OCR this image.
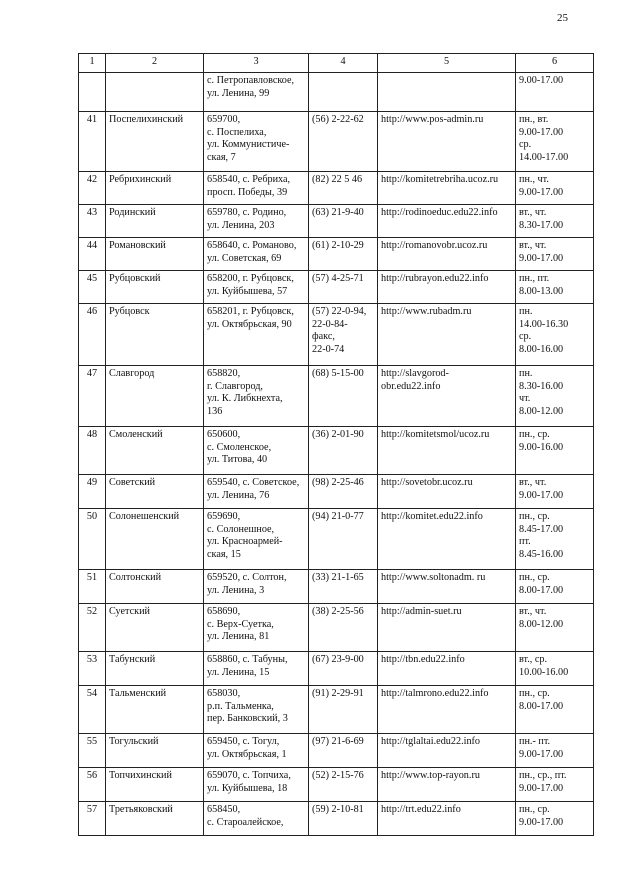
25
1	2	3	4	5	6
		с. Петропавловское,
ул. Ленина, 99			9.00-17.00
41	Поспелихинский	659700,
с. Поспелиха,
ул. Коммунистиче-
ская, 7	(56) 2-22-62	http://www.pos-admin.ru	пн., вт.
9.00-17.00
ср.
14.00-17.00
42	Ребрихинский	658540, с. Ребриха,
просп. Победы, 39	(82) 22 5 46	http://komitetrebriha.ucoz.ru	пн., чт.
9.00-17.00
43	Родинский	659780, с. Родино,
ул. Ленина, 203	(63) 21-9-40	http://rodinoeduc.edu22.info	вт., чт.
8.30-17.00
44	Романовский	658640, с. Романово,
ул. Советская, 69	(61) 2-10-29	http://romanovobr.ucoz.ru	вт., чт.
9.00-17.00
45	Рубцовский	658200, г. Рубцовск,
ул. Куйбышева, 57	(57) 4-25-71	http://rubrayon.edu22.info	пн., пт.
8.00-13.00
46	Рубцовск	658201, г. Рубцовск,
ул. Октябрьская, 90	(57) 22-0-94,
22-0-84-
факс,
22-0-74	http://www.rubadm.ru	пн.
14.00-16.30
ср.
8.00-16.00
47	Славгород	658820,
г. Славгород,
ул. К. Либкнехта,
136	(68) 5-15-00	http://slavgorod-
obr.edu22.info	пн.
8.30-16.00
чт.
8.00-12.00
48	Смоленский	650600,
с. Смоленское,
ул. Титова, 40	(36) 2-01-90	http://komitetsmol/ucoz.ru	пн., ср.
9.00-16.00
49	Советский	659540, с. Советское,
ул. Ленина, 76	(98) 2-25-46	http://sovetobr.ucoz.ru	вт., чт.
9.00-17.00
50	Солонешенский	659690,
с. Солонешное,
ул. Красноармей-
ская, 15	(94) 21-0-77	http://komitet.edu22.info	пн., ср.
8.45-17.00
пт.
8.45-16.00
51	Солтонский	659520, с. Солтон,
ул. Ленина, 3	(33) 21-1-65	http://www.soltonadm. ru	пн., ср.
8.00-17.00
52	Суетский	658690,
с. Верх-Суетка,
ул. Ленина, 81	(38) 2-25-56	http://admin-suet.ru	вт., чт.
8.00-12.00
53	Табунский	658860, с. Табуны,
ул. Ленина, 15	(67) 23-9-00	http://tbn.edu22.info	вт., ср.
10.00-16.00
54	Тальменский	658030,
р.п. Тальменка,
пер. Банковский, 3	(91) 2-29-91	http://talmrono.edu22.info	пн., ср.
8.00-17.00
55	Тогульский	659450, с. Тогул,
ул. Октябрьская, 1	(97) 21-6-69	http://tglaltai.edu22.info	пн.- пт.
9.00-17.00
56	Топчихинский	659070, с. Топчиха,
ул. Куйбышева, 18	(52) 2-15-76	http://www.top-rayon.ru	пн., ср., пт.
9.00-17.00
57	Третьяковский	658450,
с. Староалейское,	(59) 2-10-81	http://trt.edu22.info	пн., ср.
9.00-17.00
